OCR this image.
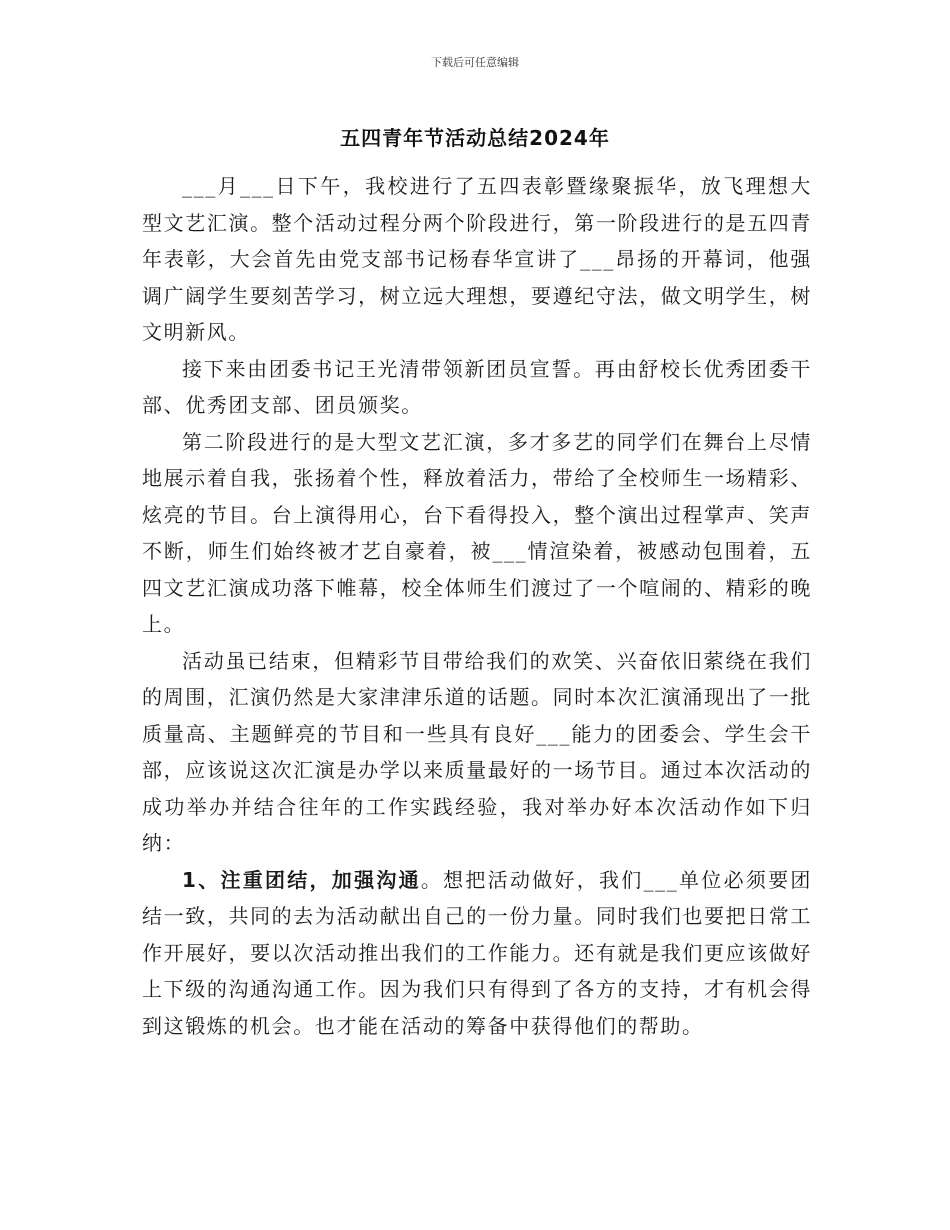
下载后可任意编辑
五四青年节活动总结2024年

___月___日下午，我校进行了五四表彰暨缘聚振华，放飞理想大型文艺汇演。整个活动过程分两个阶段进行，第一阶段进行的是五四青年表彰，大会首先由党支部书记杨春华宣讲了___昂扬的开幕词，他强调广阔学生要刻苦学习，树立远大理想，要遵纪守法，做文明学生，树文明新风。

接下来由团委书记王光清带领新团员宣誓。再由舒校长优秀团委干部、优秀团支部、团员颁奖。

第二阶段进行的是大型文艺汇演，多才多艺的同学们在舞台上尽情地展示着自我，张扬着个性，释放着活力，带给了全校师生一场精彩、炫亮的节目。台上演得用心，台下看得投入，整个演出过程掌声、笑声不断，师生们始终被才艺自豪着，被___情渲染着，被感动包围着，五四文艺汇演成功落下帷幕，校全体师生们渡过了一个喧闹的、精彩的晚上。

活动虽已结束，但精彩节目带给我们的欢笑、兴奋依旧萦绕在我们的周围，汇演仍然是大家津津乐道的话题。同时本次汇演涌现出了一批质量高、主题鲜亮的节目和一些具有良好___能力的团委会、学生会干部，应该说这次汇演是办学以来质量最好的一场节目。通过本次活动的成功举办并结合往年的工作实践经验，我对举办好本次活动作如下归纳：

1、注重团结，加强沟通。想把活动做好，我们___单位必须要团结一致，共同的去为活动献出自己的一份力量。同时我们也要把日常工作开展好，要以次活动推出我们的工作能力。还有就是我们更应该做好上下级的沟通沟通工作。因为我们只有得到了各方的支持，才有机会得到这锻炼的机会。也才能在活动的筹备中获得他们的帮助。
